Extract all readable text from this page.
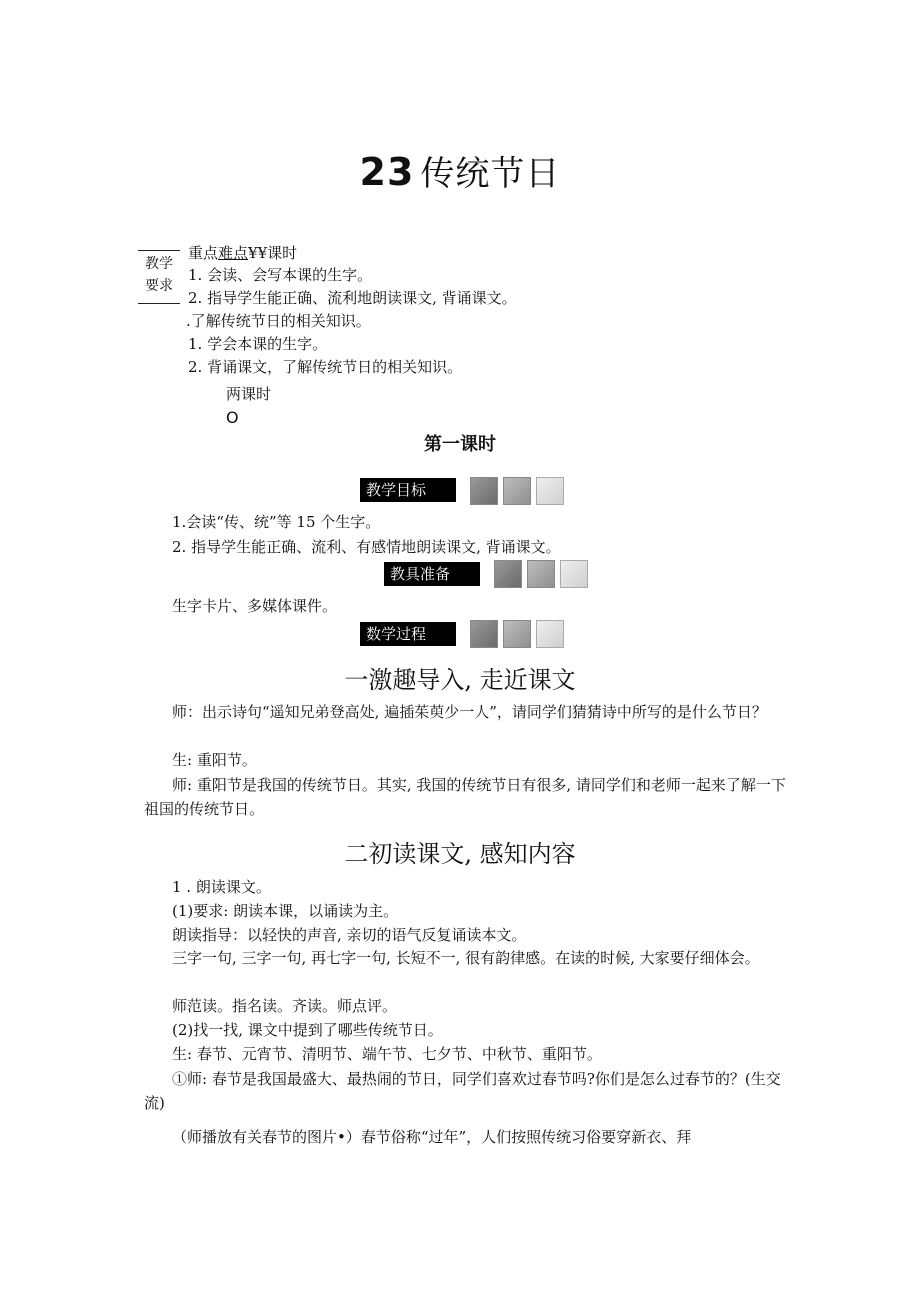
23 传统节日
教学
要求
重点难点¥¥课时
1. 会读、会写本课的生字。
2. 指导学生能正确、流利地朗读课文, 背诵课文。
.了解传统节日的相关知识。
1. 学会本课的生字。
2. 背诵课文，了解传统节日的相关知识。
两课时
O
第一课时
教学目标
1.会读“传、统”等 15 个生字。
2. 指导学生能正确、流利、有感情地朗读课文, 背诵课文。
教具准备
生字卡片、多媒体课件。
数学过程
一激趣导入, 走近课文
师：出示诗句“遥知兄弟登高处, 遍插茱萸少一人”，请同学们猜猜诗中所写的是什么节日？
生: 重阳节。
师: 重阳节是我国的传统节日。其实, 我国的传统节日有很多, 请同学们和老师一起来了解一下祖国的传统节日。
二初读课文, 感知内容
1 . 朗读课文。
(1)要求: 朗读本课，以诵读为主。
朗读指导：以轻快的声音, 亲切的语气反复诵读本文。
三字一句, 三字一句, 再七字一句, 长短不一, 很有韵律感。在读的时候, 大家要仔细体会。
师范读。指名读。齐读。师点评。
(2)找一找, 课文中提到了哪些传统节日。
生: 春节、元宵节、清明节、端午节、七夕节、中秋节、重阳节。
①师: 春节是我国最盛大、最热闹的节日，同学们喜欢过春节吗?你们是怎么过春节的？(生交流)
（师播放有关春节的图片•）春节俗称“过年”，人们按照传统习俗要穿新衣、拜
